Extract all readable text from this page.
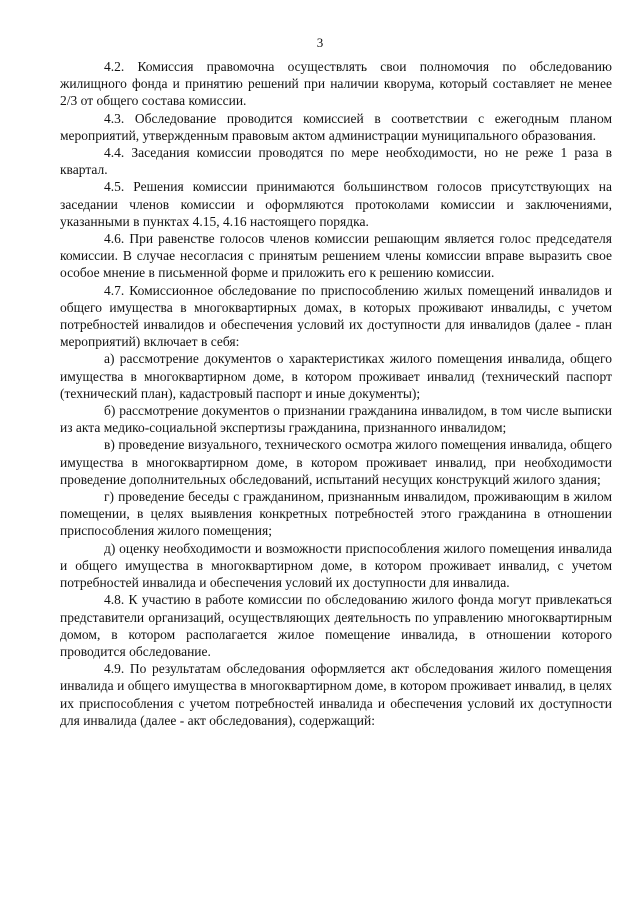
3

4.2. Комиссия правомочна осуществлять свои полномочия по обследованию жилищного фонда и принятию решений при наличии кворума, который составляет не менее 2/3 от общего состава комиссии.

4.3. Обследование проводится комиссией в соответствии с ежегодным планом мероприятий, утвержденным правовым актом администрации муниципального образования.

4.4. Заседания комиссии проводятся по мере необходимости, но не реже 1 раза в квартал.

4.5. Решения комиссии принимаются большинством голосов присутствующих на заседании членов комиссии и оформляются протоколами комиссии и заключениями, указанными в пунктах 4.15, 4.16 настоящего порядка.

4.6. При равенстве голосов членов комиссии решающим является голос председателя комиссии. В случае несогласия с принятым решением члены комиссии вправе выразить свое особое мнение в письменной форме и приложить его к решению комиссии.

4.7. Комиссионное обследование по приспособлению жилых помещений инвалидов и общего имущества в многоквартирных домах, в которых проживают инвалиды, с учетом потребностей инвалидов и обеспечения условий их доступности для инвалидов (далее - план мероприятий) включает в себя:

а) рассмотрение документов о характеристиках жилого помещения инвалида, общего имущества в многоквартирном доме, в котором проживает инвалид (технический паспорт (технический план), кадастровый паспорт и иные документы);

б) рассмотрение документов о признании гражданина инвалидом, в том числе выписки из акта медико-социальной экспертизы гражданина, признанного инвалидом;

в) проведение визуального, технического осмотра жилого помещения инвалида, общего имущества в многоквартирном доме, в котором проживает инвалид, при необходимости проведение дополнительных обследований, испытаний несущих конструкций жилого здания;

г) проведение беседы с гражданином, признанным инвалидом, проживающим в жилом помещении, в целях выявления конкретных потребностей этого гражданина в отношении приспособления жилого помещения;

д) оценку необходимости и возможности приспособления жилого помещения инвалида и общего имущества в многоквартирном доме, в котором проживает инвалид, с учетом потребностей инвалида и обеспечения условий их доступности для инвалида.

4.8. К участию в работе комиссии по обследованию жилого фонда могут привлекаться представители организаций, осуществляющих деятельность по управлению многоквартирным домом, в котором располагается жилое помещение инвалида, в отношении которого проводится обследование.

4.9. По результатам обследования оформляется акт обследования жилого помещения инвалида и общего имущества в многоквартирном доме, в котором проживает инвалид, в целях их приспособления с учетом потребностей инвалида и обеспечения условий их доступности для инвалида (далее - акт обследования), содержащий:
